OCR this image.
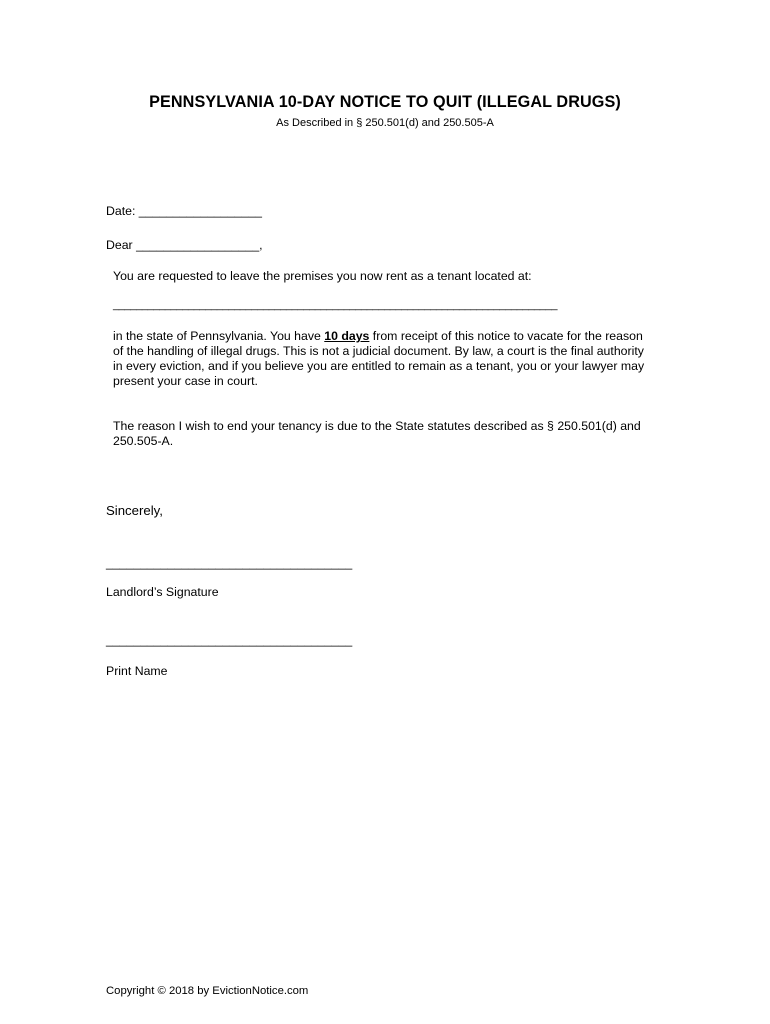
PENNSYLVANIA 10-DAY NOTICE TO QUIT (ILLEGAL DRUGS)
As Described in § 250.501(d) and 250.505-A
Date: __________________
Dear __________________,
You are requested to leave the premises you now rent as a tenant located at:
_____________________________________________________________________________

in the state of Pennsylvania. You have 10 days from receipt of this notice to vacate for the reason of the handling of illegal drugs. This is not a judicial document. By law, a court is the final authority in every eviction, and if you believe you are entitled to remain as a tenant, you or your lawyer may present your case in court.

The reason I wish to end your tenancy is due to the State statutes described as § 250.501(d) and 250.505-A.

Sincerely,
____________________________________
Landlord’s Signature
____________________________________
Print Name
Copyright © 2018 by EvictionNotice.com
